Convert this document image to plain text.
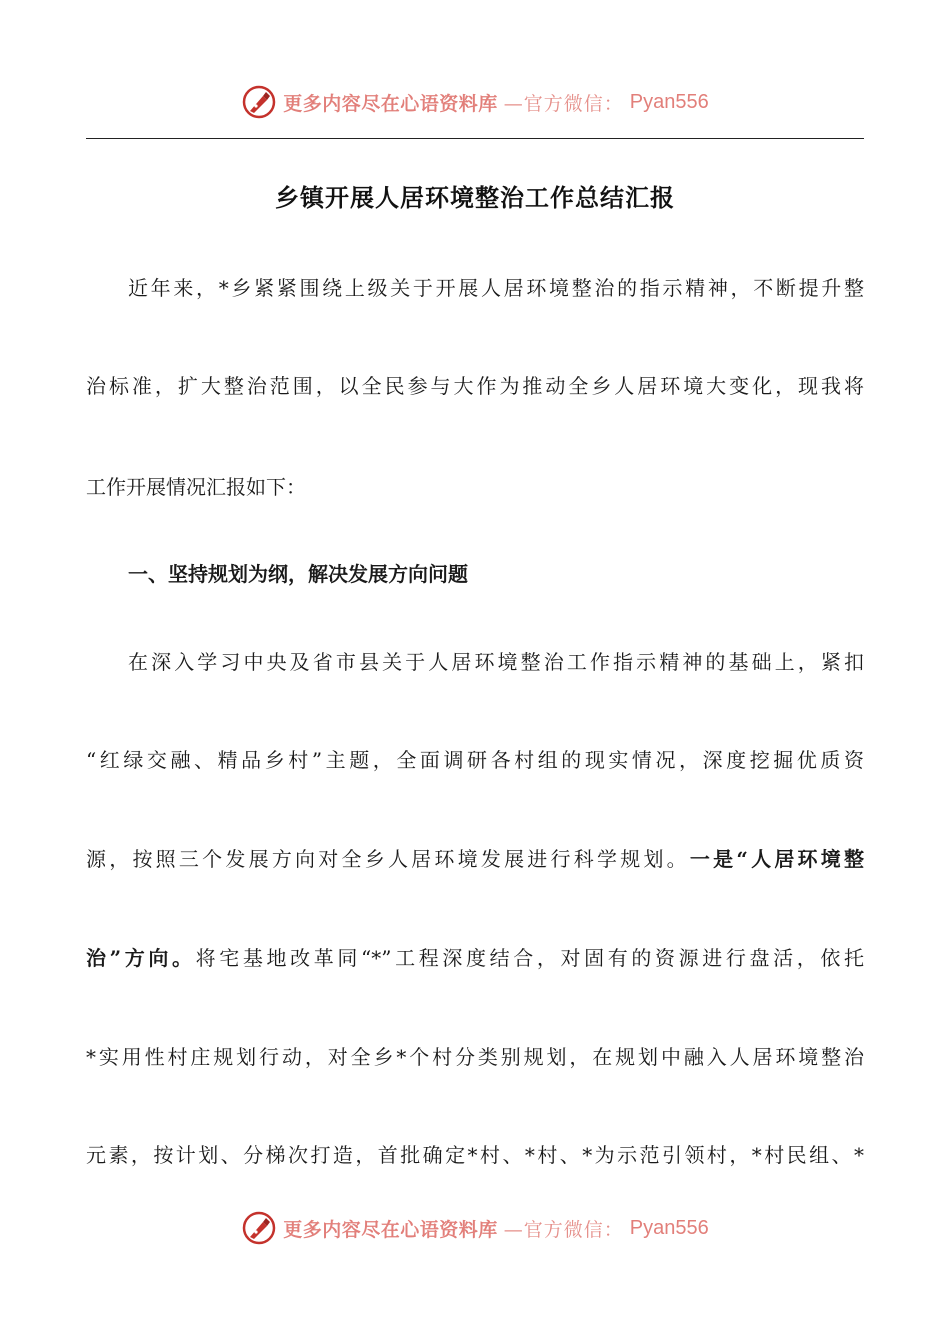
更多内容尽在心语资料库 —官方微信： Pyan556
乡镇开展人居环境整治工作总结汇报
近年来，*乡紧紧围绕上级关于开展人居环境整治的指示精神，不断提升整
治标准，扩大整治范围，以全民参与大作为推动全乡人居环境大变化，现我将
工作开展情况汇报如下：
一、坚持规划为纲，解决发展方向问题
在深入学习中央及省市县关于人居环境整治工作指示精神的基础上，紧扣
“红绿交融、精品乡村”主题，全面调研各村组的现实情况，深度挖掘优质资
源，按照三个发展方向对全乡人居环境发展进行科学规划。一是“人居环境整
治”方向。将宅基地改革同“*”工程深度结合，对固有的资源进行盘活，依托
*实用性村庄规划行动，对全乡*个村分类别规划，在规划中融入人居环境整治
元素，按计划、分梯次打造，首批确定*村、*村、*为示范引领村，*村民组、*
更多内容尽在心语资料库 —官方微信： Pyan556
